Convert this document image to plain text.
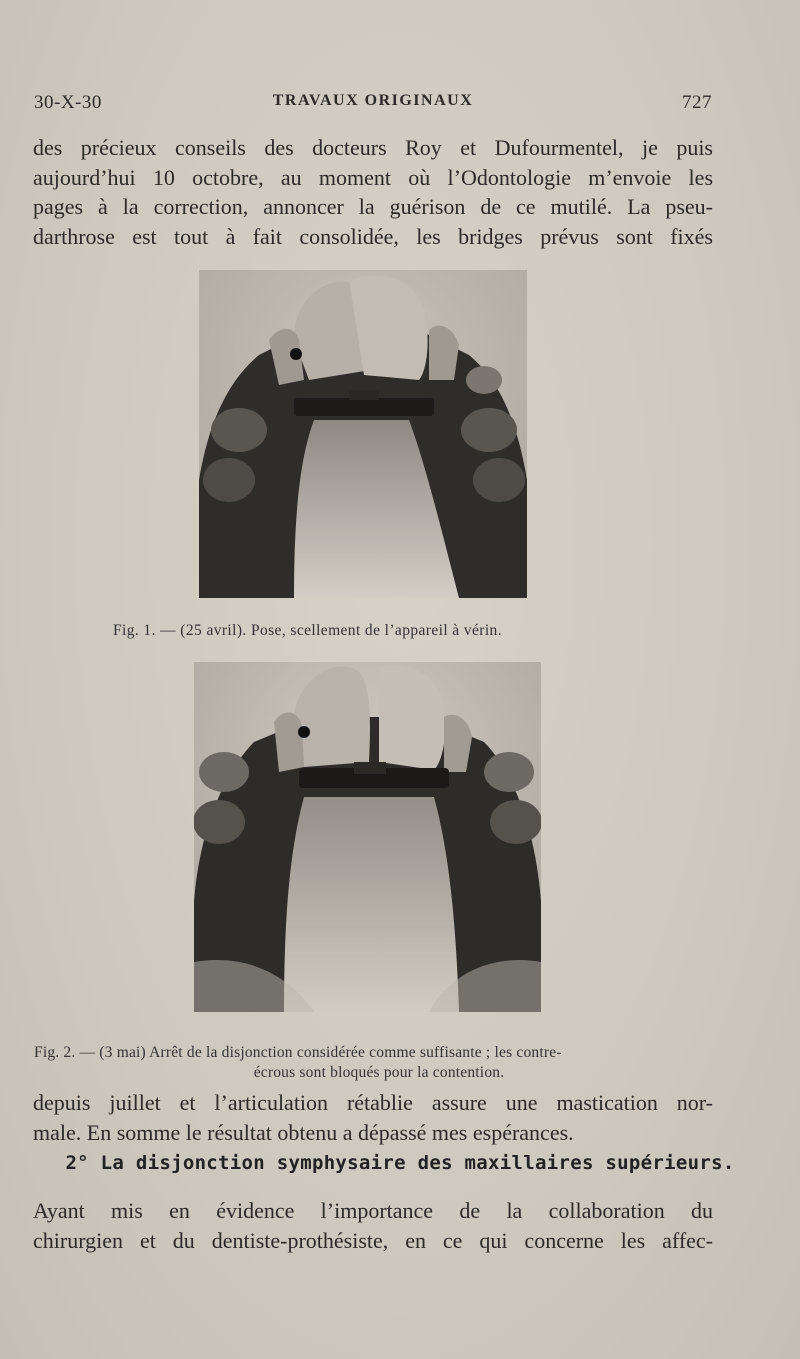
30-X-30	TRAVAUX ORIGINAUX	727
des précieux conseils des docteurs Roy et Dufourmentel, je puis
aujourd’hui 10 octobre, au moment où l’Odontologie m’envoie les
pages à la correction, annoncer la guérison de ce mutilé. La pseu-
darthrose est tout à fait consolidée, les bridges prévus sont fixés
Fig. 1. — (25 avril). Pose, scellement de l’appareil à vérin.
Fig. 2. — (3 mai) Arrêt de la disjonction considérée comme suffisante ; les contre-
écrous sont bloqués pour la contention.
depuis juillet et l’articulation rétablie assure une mastication nor-
male. En somme le résultat obtenu a dépassé mes espérances.
2° La disjonction symphysaire des maxillaires supérieurs.
Ayant mis en évidence l’importance de la collaboration du
chirurgien et du dentiste-prothésiste, en ce qui concerne les affec-
